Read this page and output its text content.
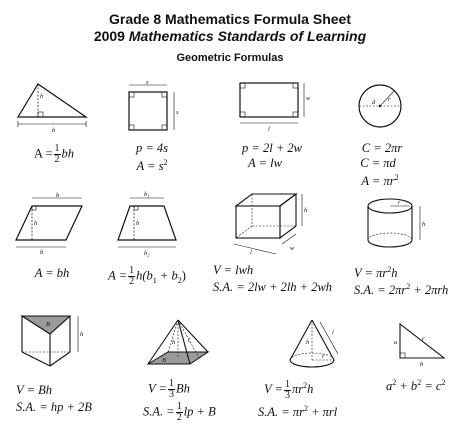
Grade 8 Mathematics Formula Sheet
2009 Mathematics Standards of Learning
Geometric Formulas
h
b
s
s
w
l
d r
$A = \frac{1}{2}$ bh	p = 4s
$A = s^2$
p = 2l + 2w
A = lw
C = 2πr
C = πd
$A = \pi r^2$
b
h
b
$b_1$
h
$b_2$
h
l
w
r
h
A = bh	$A = \frac{1}{2} h(b_1 + b_2) V$ = lwh
S.A. = 2lw + 2lh + 2wh
$V = \pi r^2h$
S.A. = $2\pi r^2 + 2\pi rh$
B
h
h l
B
h
r
l
a
c
b
V = Bh
S.A. = hp + 2B
$V = \frac{1}{3}$ Bh
S.A. = $\frac{1}{2}$ lp + B
$V = \frac{1}{3} \pi r^2h$
S.A. = $\pi r^2 + \pi rl$
$a^2 + b^2 = c^2$
